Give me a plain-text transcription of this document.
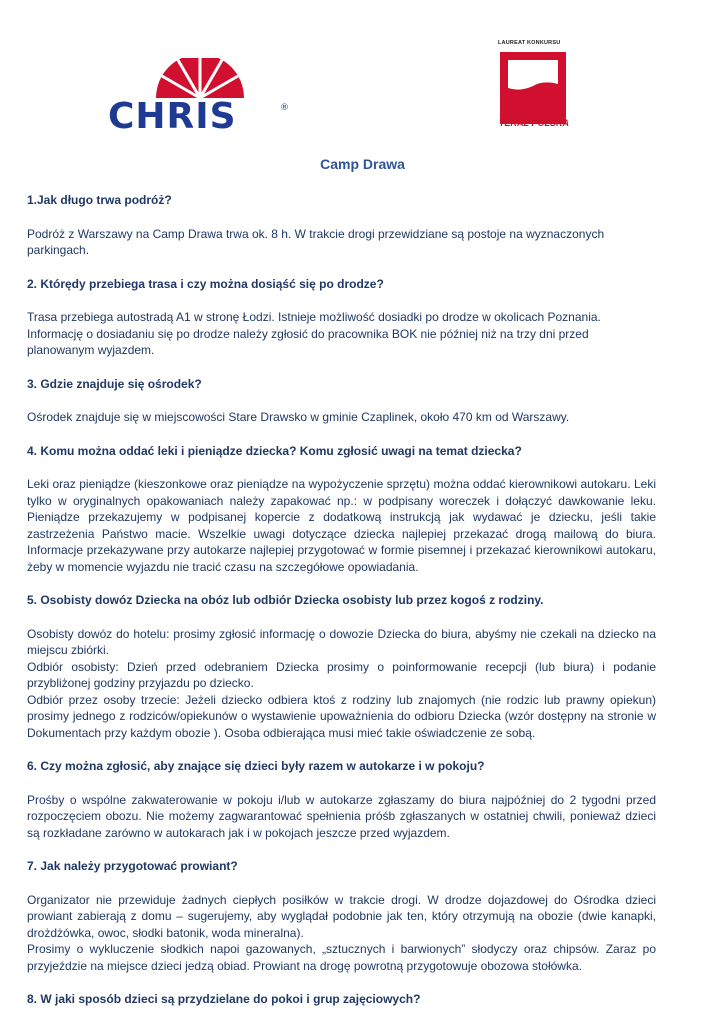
CHRIS	®
LAUREAT KONKURSU
TERAZ POLSKA
Camp Drawa

1.Jak długo trwa podróż?

Podróż z Warszawy na Camp Drawa trwa ok. 8 h. W trakcie drogi przewidziane są postoje na wyznaczonych parkingach.

2. Którędy przebiega trasa i czy można dosiąść się po drodze?

Trasa przebiega autostradą A1 w stronę Łodzi. Istnieje możliwość dosiadki po drodze w okolicach Poznania. Informację o dosiadaniu się po drodze należy zgłosić do pracownika BOK nie później niż na trzy dni przed planowanym wyjazdem.

3. Gdzie znajduje się ośrodek?

Ośrodek znajduje się w miejscowości Stare Drawsko w gminie Czaplinek, około 470 km od Warszawy.

4. Komu można oddać leki i pieniądze dziecka? Komu zgłosić uwagi na temat dziecka?

Leki oraz pieniądze (kieszonkowe oraz pieniądze na wypożyczenie sprzętu) można oddać kierownikowi autokaru. Leki tylko w oryginalnych opakowaniach należy zapakować np.: w podpisany woreczek i dołączyć dawkowanie leku. Pieniądze przekazujemy w podpisanej kopercie z dodatkową instrukcją jak wydawać je dziecku, jeśli takie zastrzeżenia Państwo macie. Wszelkie uwagi dotyczące dziecka najlepiej przekazać drogą mailową do biura. Informacje przekazywane przy autokarze najlepiej przygotować w formie pisemnej i przekazać kierownikowi autokaru, żeby w momencie wyjazdu nie tracić czasu na szczegółowe opowiadania.

5. Osobisty dowóz Dziecka na obóz lub odbiór Dziecka osobisty lub przez kogoś z rodziny.

Osobisty dowóz do hotelu: prosimy zgłosić informację o dowozie Dziecka do biura, abyśmy nie czekali na dziecko na miejscu zbiórki.

Odbiór osobisty: Dzień przed odebraniem Dziecka prosimy o poinformowanie recepcji (lub biura) i podanie przybliżonej godziny przyjazdu po dziecko.

Odbiór przez osoby trzecie: Jeżeli dziecko odbiera ktoś z rodziny lub znajomych (nie rodzic lub prawny opiekun) prosimy jednego z rodziców/opiekunów o wystawienie upoważnienia do odbioru Dziecka (wzór dostępny na stronie w Dokumentach przy każdym obozie ). Osoba odbierająca musi mieć takie oświadczenie ze sobą.

6. Czy można zgłosić, aby znające się dzieci były razem w autokarze i w pokoju?

Prośby o wspólne zakwaterowanie w pokoju i/lub w autokarze zgłaszamy do biura najpóźniej do 2 tygodni przed rozpoczęciem obozu. Nie możemy zagwarantować spełnienia próśb zgłaszanych w ostatniej chwili, ponieważ dzieci są rozkładane zarówno w autokarach jak i w pokojach jeszcze przed wyjazdem.

7. Jak należy przygotować prowiant?

Organizator nie przewiduje żadnych ciepłych posiłków w trakcie drogi. W drodze dojazdowej do Ośrodka dzieci prowiant zabierają z domu – sugerujemy, aby wyglądał podobnie jak ten, który otrzymują na obozie (dwie kanapki, drożdżówka, owoc, słodki batonik, woda mineralna).

Prosimy o wykluczenie słodkich napoi gazowanych, „sztucznych i barwionych” słodyczy oraz chipsów. Zaraz po przyjeździe na miejsce dzieci jedzą obiad. Prowiant na drogę powrotną przygotowuje obozowa stołówka.

8. W jaki sposób dzieci są przydzielane do pokoi i grup zajęciowych?
